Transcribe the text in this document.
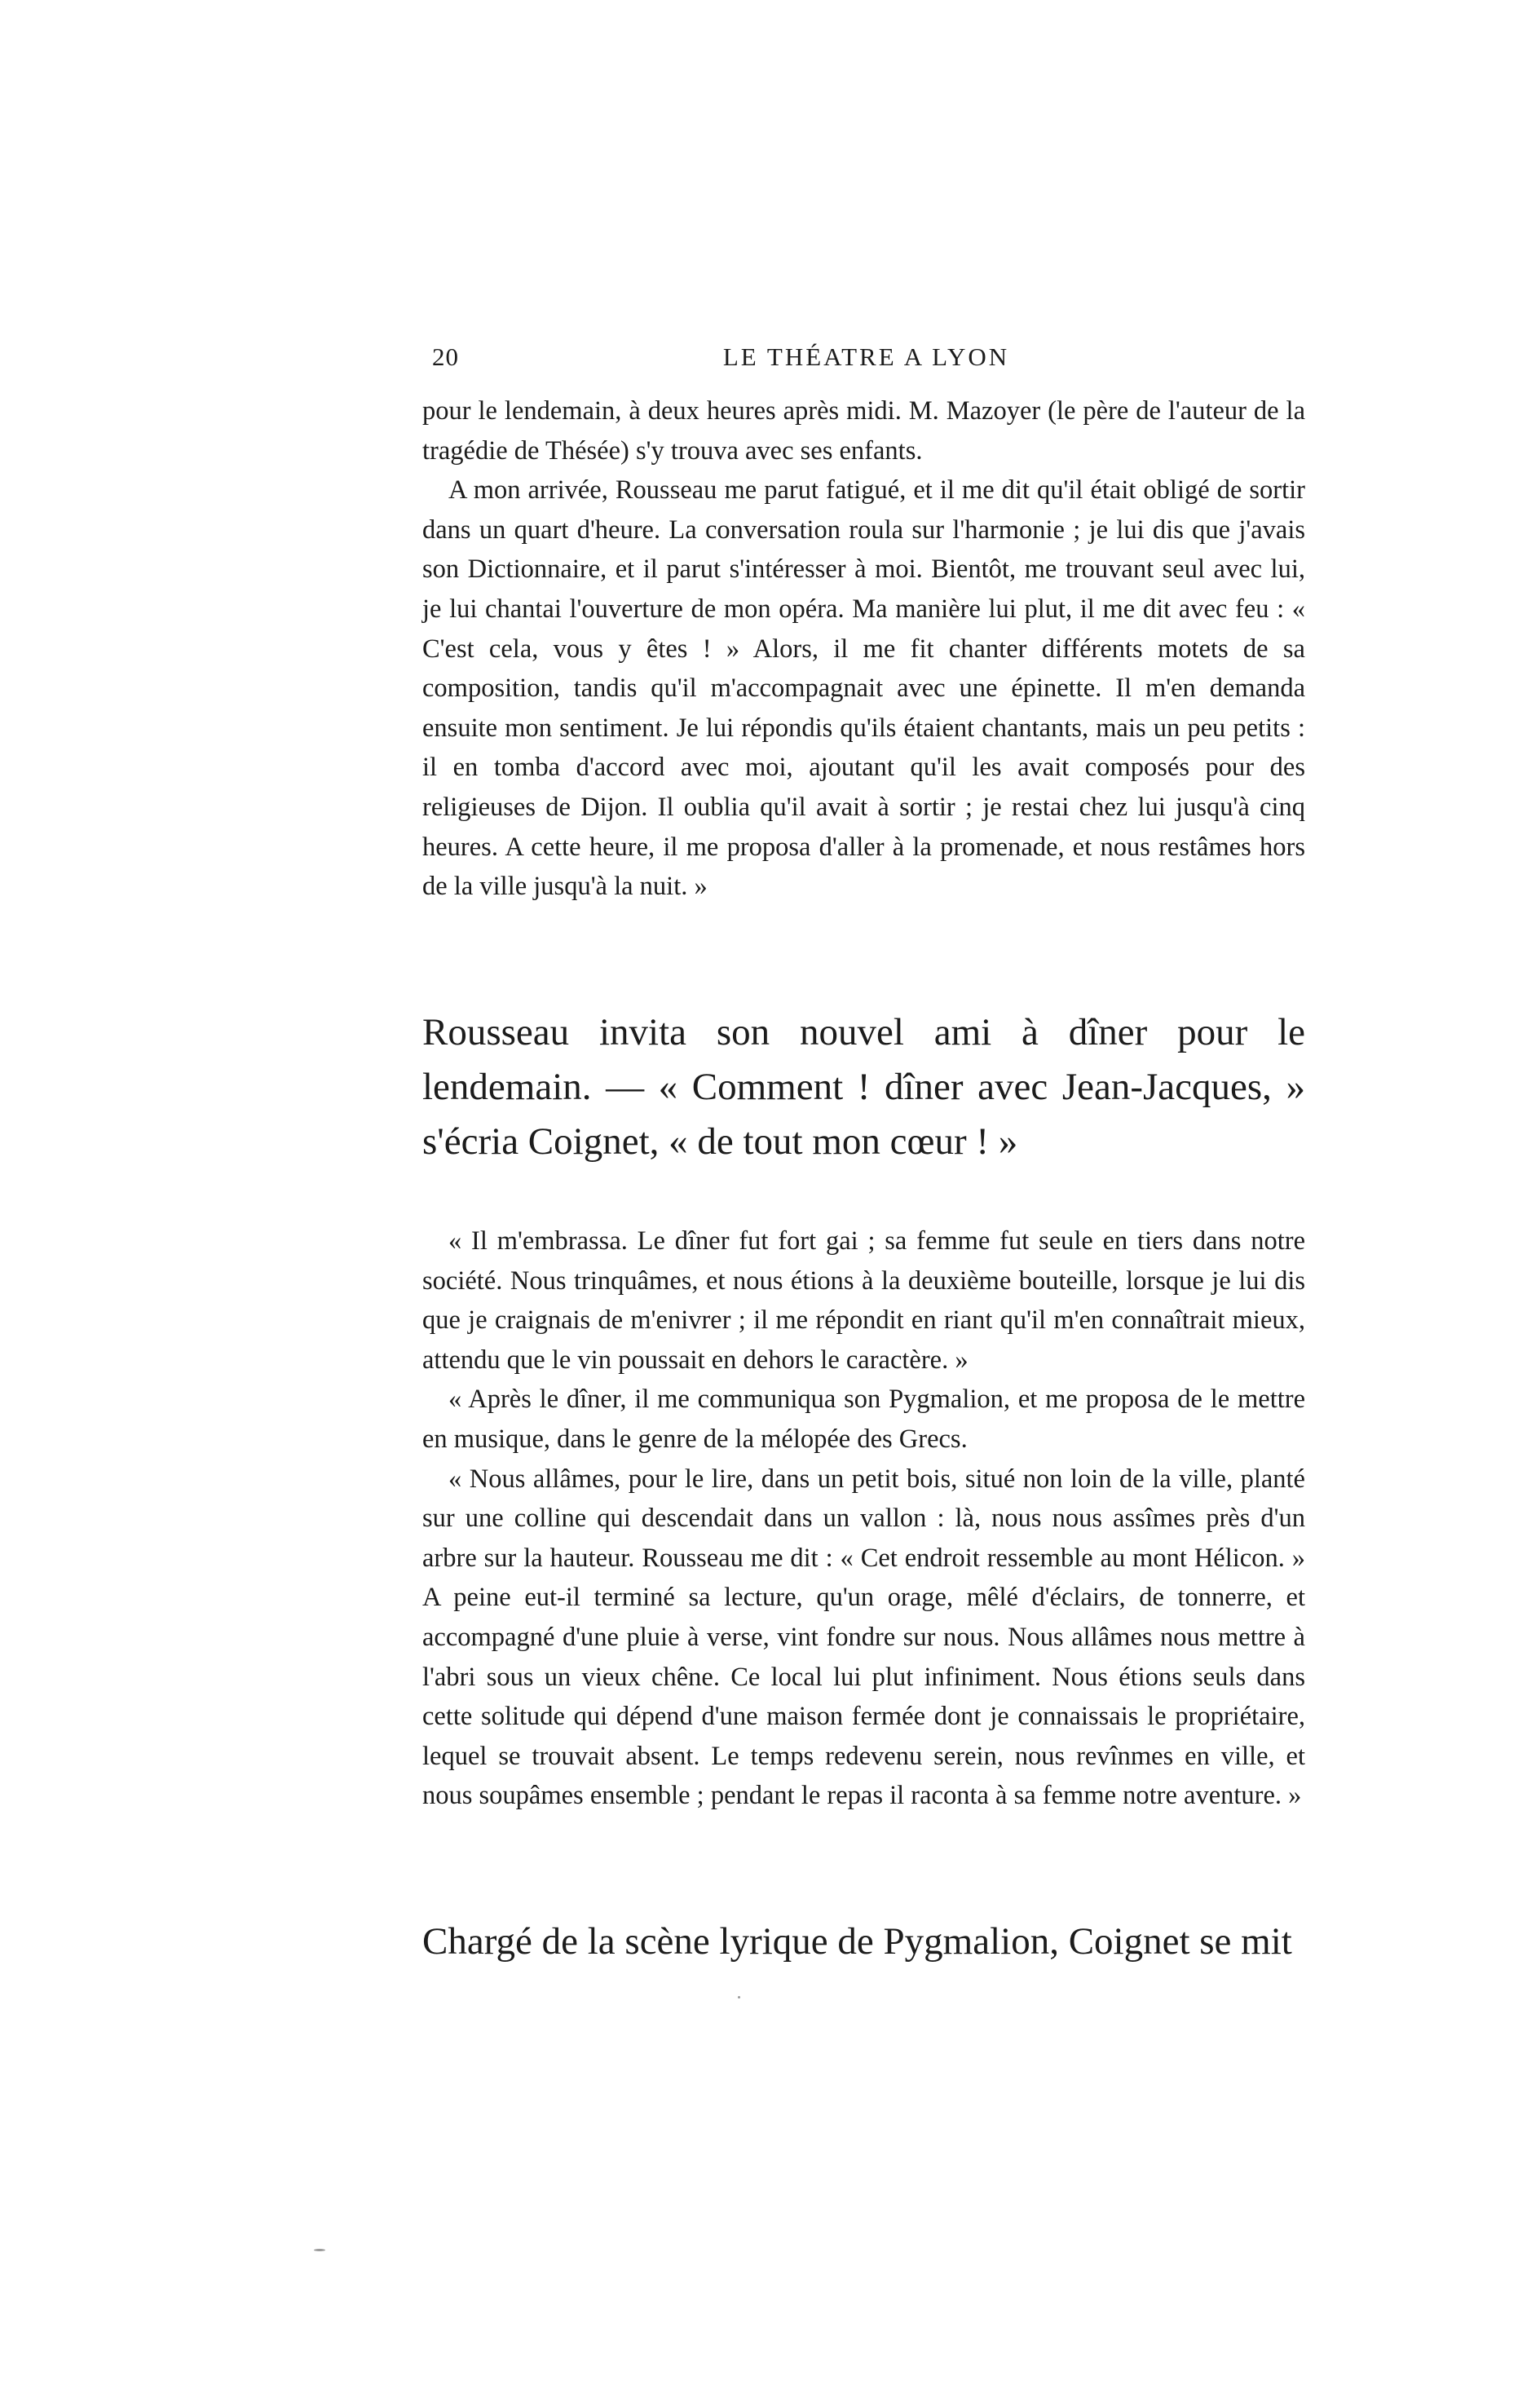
20	LE THÉATRE A LYON

pour le lendemain, à deux heures après midi. M. Mazoyer (le père de l'auteur de la tragédie de Thésée) s'y trouva avec ses enfants.

A mon arrivée, Rousseau me parut fatigué, et il me dit qu'il était obligé de sortir dans un quart d'heure. La conversation roula sur l'harmonie ; je lui dis que j'avais son Dictionnaire, et il parut s'intéresser à moi. Bientôt, me trouvant seul avec lui, je lui chantai l'ouverture de mon opéra. Ma manière lui plut, il me dit avec feu : « C'est cela, vous y êtes ! » Alors, il me fit chanter différents motets de sa composition, tandis qu'il m'accompagnait avec une épinette. Il m'en demanda ensuite mon sentiment. Je lui répondis qu'ils étaient chantants, mais un peu petits : il en tomba d'accord avec moi, ajoutant qu'il les avait composés pour des religieuses de Dijon. Il oublia qu'il avait à sortir ; je restai chez lui jusqu'à cinq heures. A cette heure, il me proposa d'aller à la promenade, et nous restâmes hors de la ville jusqu'à la nuit. »

Rousseau invita son nouvel ami à dîner pour le lendemain. — « Comment ! dîner avec Jean-Jacques, » s'écria Coignet, « de tout mon cœur ! »

« Il m'embrassa. Le dîner fut fort gai ; sa femme fut seule en tiers dans notre société. Nous trinquâmes, et nous étions à la deuxième bouteille, lorsque je lui dis que je craignais de m'enivrer ; il me répondit en riant qu'il m'en connaîtrait mieux, attendu que le vin poussait en dehors le caractère. »

« Après le dîner, il me communiqua son Pygmalion, et me proposa de le mettre en musique, dans le genre de la mélopée des Grecs.

« Nous allâmes, pour le lire, dans un petit bois, situé non loin de la ville, planté sur une colline qui descendait dans un vallon : là, nous nous assîmes près d'un arbre sur la hauteur. Rousseau me dit : « Cet endroit ressemble au mont Hélicon. » A peine eut-il terminé sa lecture, qu'un orage, mêlé d'éclairs, de tonnerre, et accompagné d'une pluie à verse, vint fondre sur nous. Nous allâmes nous mettre à l'abri sous un vieux chêne. Ce local lui plut infiniment. Nous étions seuls dans cette solitude qui dépend d'une maison fermée dont je connaissais le propriétaire, lequel se trouvait absent. Le temps redevenu serein, nous revînmes en ville, et nous soupâmes ensemble ; pendant le repas il raconta à sa femme notre aventure. »

Chargé de la scène lyrique de Pygmalion, Coignet se mit
